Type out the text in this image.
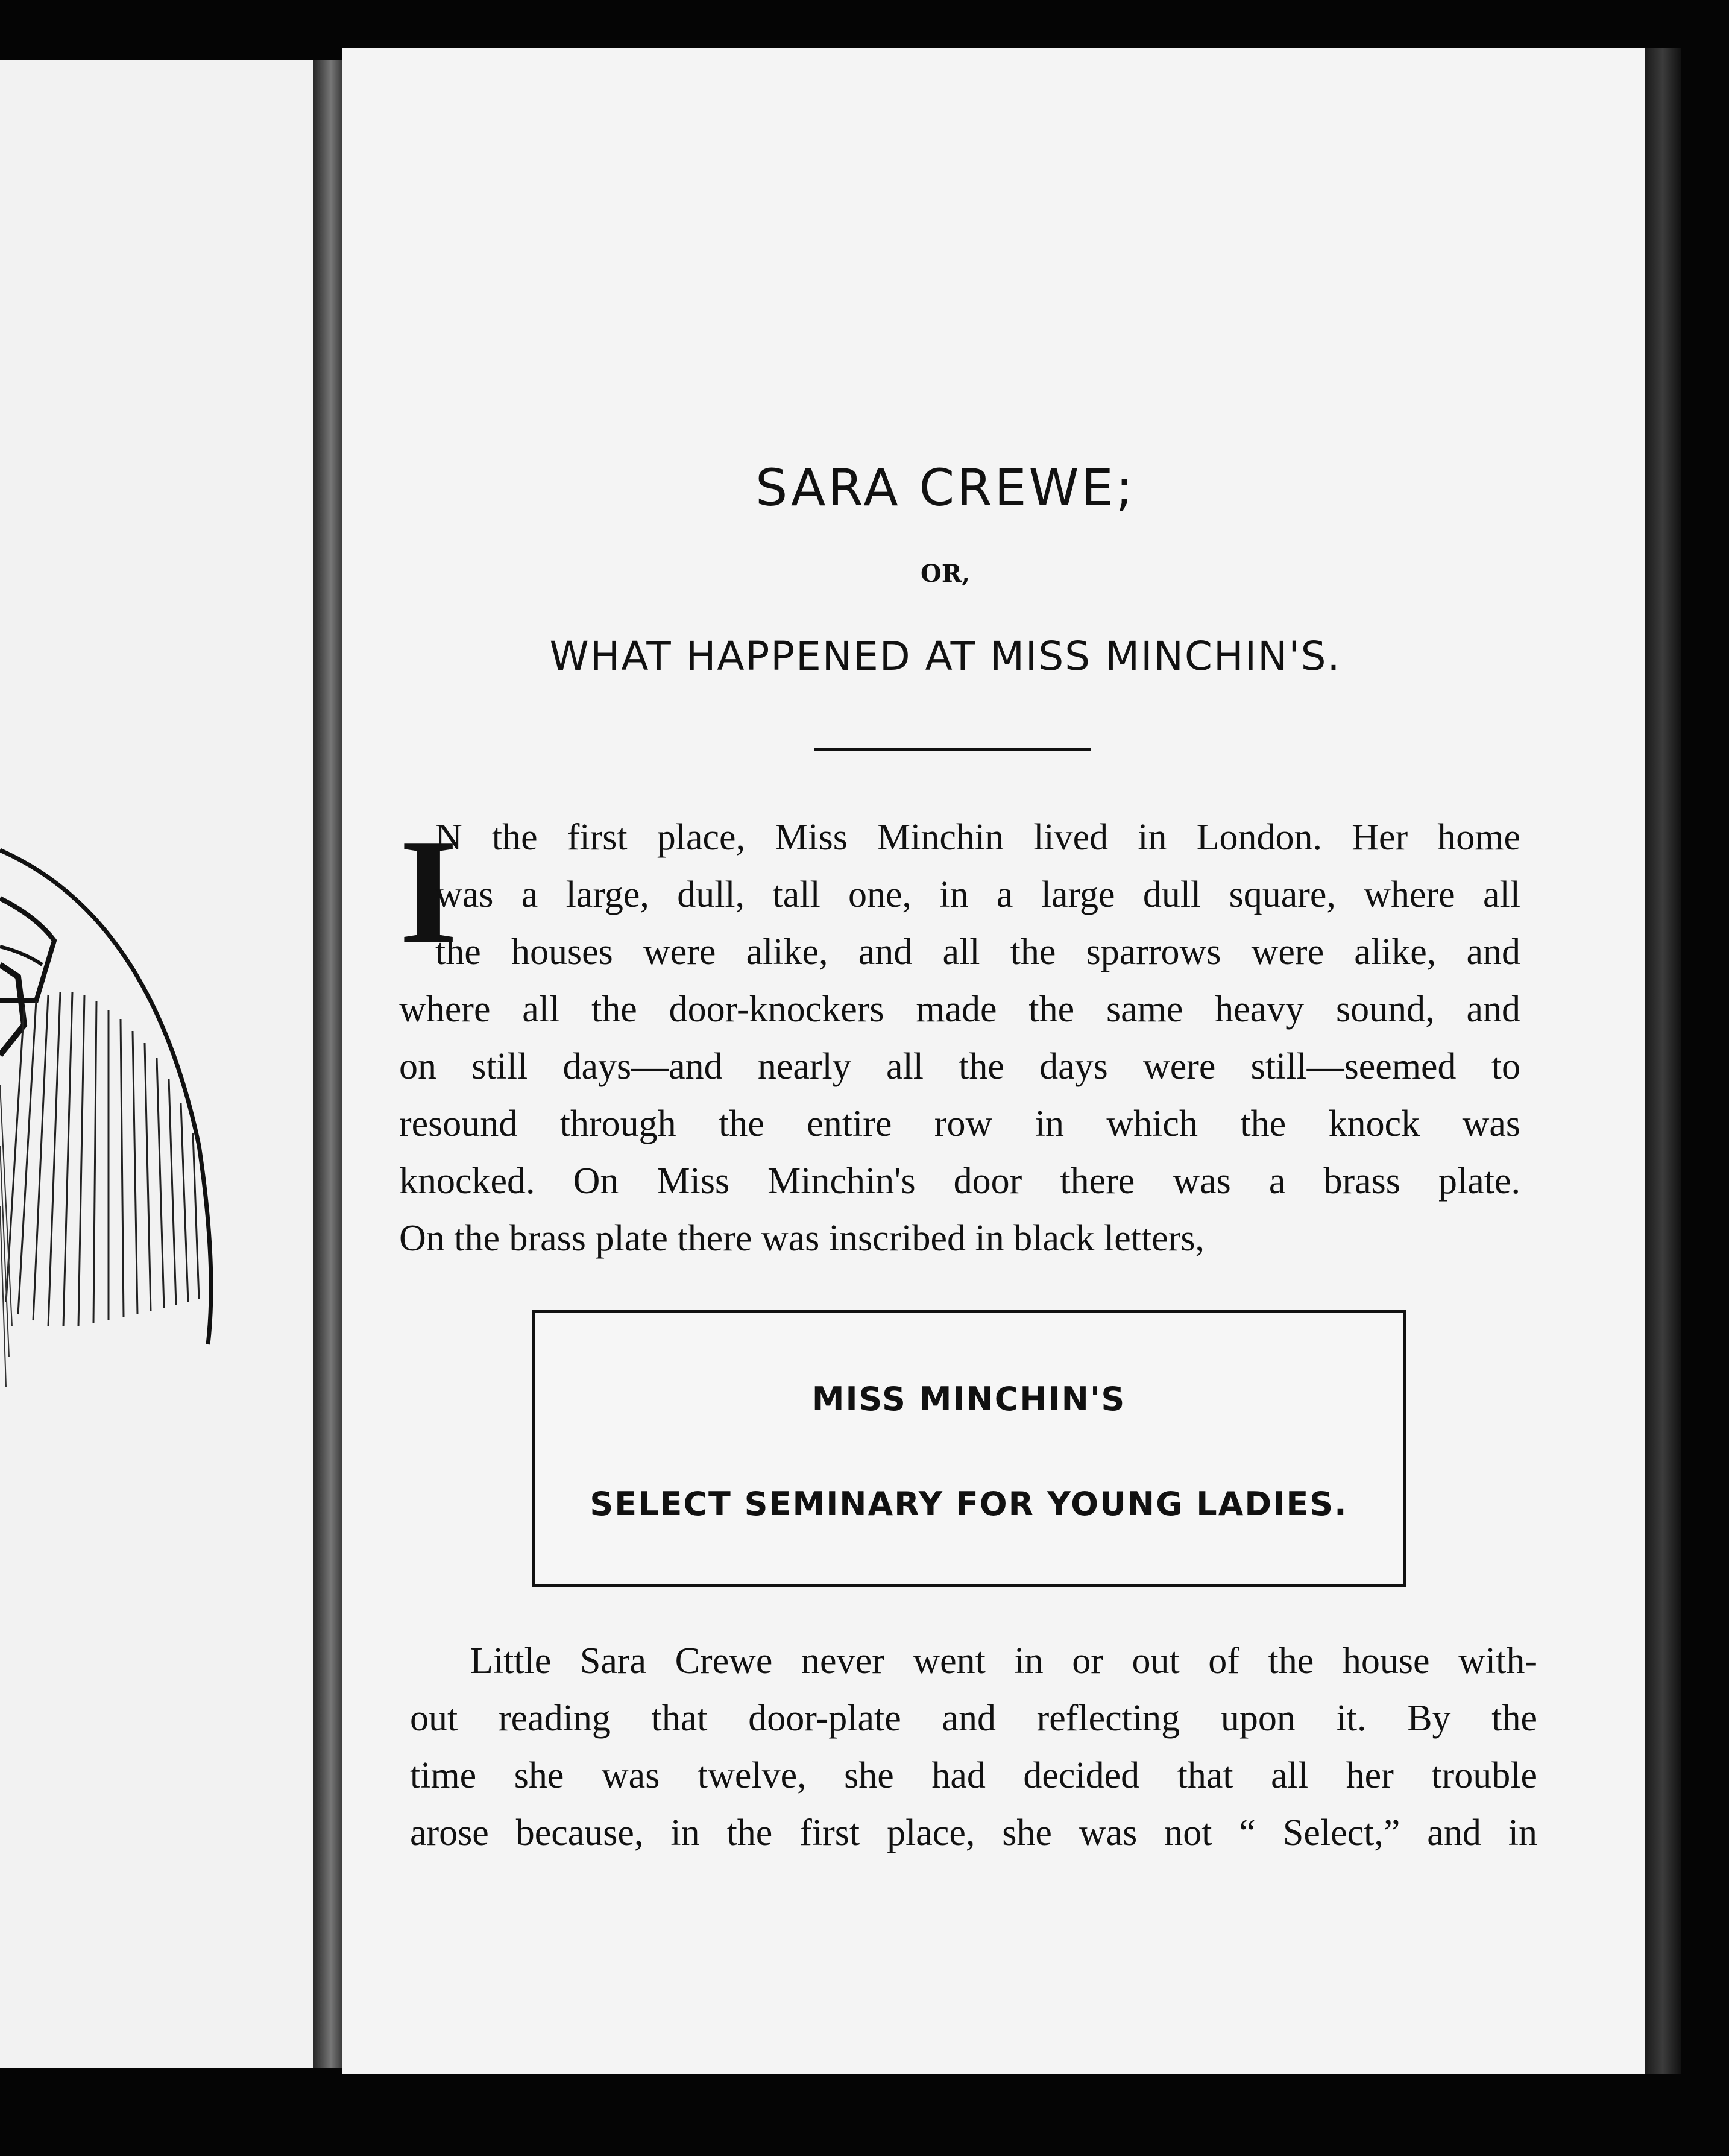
SARA CREWE;
OR,
WHAT HAPPENED AT MISS MINCHIN'S.
I
N the first place, Miss Minchin lived in London. Her home
was a large, dull, tall one, in a large dull square, where all
the houses were alike, and all the sparrows were alike, and
where all the door-knockers made the same heavy sound, and
on still days—and nearly all the days were still—seemed to
resound through the entire row in which the knock was
knocked. On Miss Minchin's door there was a brass plate.
On the brass plate there was inscribed in black letters,
MISS MINCHIN'S
SELECT SEMINARY FOR YOUNG LADIES.
Little Sara Crewe never went in or out of the house with-
out reading that door-plate and reflecting upon it. By the
time she was twelve, she had decided that all her trouble
arose because, in the first place, she was not “ Select,” and in
